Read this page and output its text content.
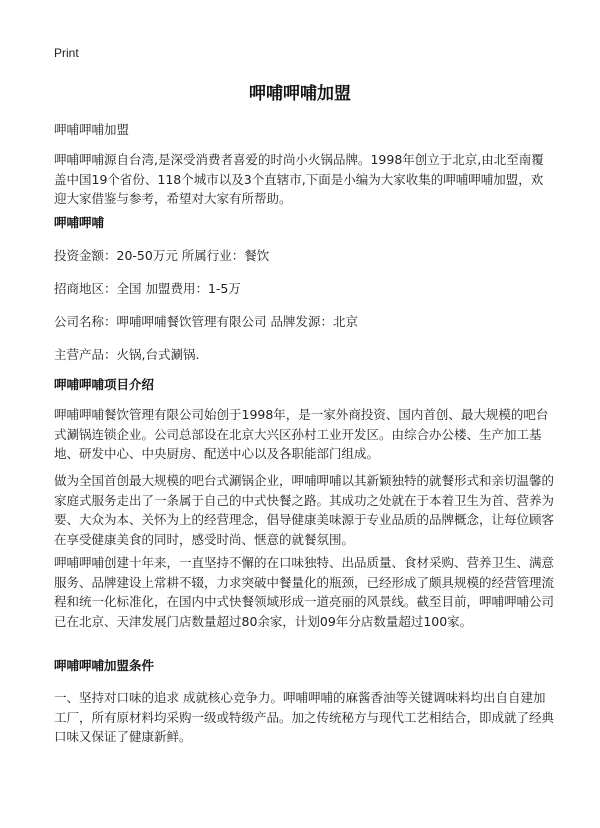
Print
呷哺呷哺加盟

呷哺呷哺加盟

呷哺呷哺源自台湾,是深受消费者喜爱的时尚小火锅品牌。1998年创立于北京,由北至南覆盖中国19个省份、118个城市以及3个直辖市,下面是小编为大家收集的呷哺呷哺加盟，欢迎大家借鉴与参考，希望对大家有所帮助。

呷哺呷哺

投资金额：20-50万元 所属行业：餐饮

招商地区：全国 加盟费用：1-5万

公司名称：呷哺呷哺餐饮管理有限公司 品牌发源：北京

主营产品：火锅,台式涮锅.

呷哺呷哺项目介绍

呷哺呷哺餐饮管理有限公司始创于1998年，是一家外商投资、国内首创、最大规模的吧台式涮锅连锁企业。公司总部设在北京大兴区孙村工业开发区。由综合办公楼、生产加工基地、研发中心、中央厨房、配送中心以及各职能部门组成。

做为全国首创最大规模的吧台式涮锅企业，呷哺呷哺以其新颖独特的就餐形式和亲切温馨的家庭式服务走出了一条属于自己的中式快餐之路。其成功之处就在于本着卫生为首、营养为要、大众为本、关怀为上的经营理念，倡导健康美味源于专业品质的品牌概念，让每位顾客在享受健康美食的同时，感受时尚、惬意的就餐氛围。

呷哺呷哺创建十年来，一直坚持不懈的在口味独特、出品质量、食材采购、营养卫生、满意服务、品牌建设上常耕不辍，力求突破中餐量化的瓶颈，已经形成了颇具规模的经营管理流程和统一化标准化，在国内中式快餐领域形成一道亮丽的风景线。截至目前，呷哺呷哺公司已在北京、天津发展门店数量超过80余家，计划09年分店数量超过100家。

呷哺呷哺加盟条件

一、坚持对口味的追求 成就核心竞争力。呷哺呷哺的麻酱香油等关键调味料均出自自建加工厂，所有原材料均采购一级或特级产品。加之传统秘方与现代工艺相结合，即成就了经典口味又保证了健康新鲜。
